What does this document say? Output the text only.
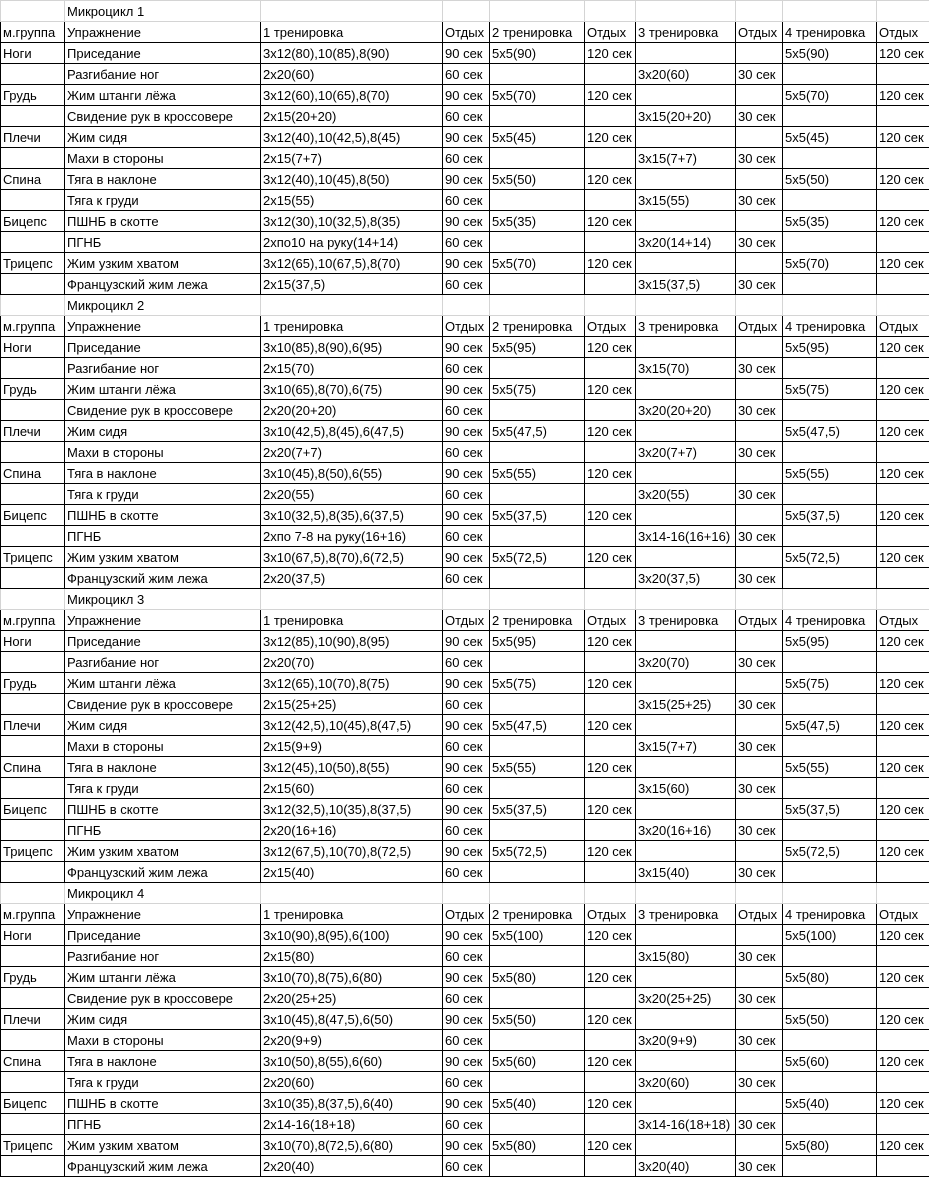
	Микроцикл 1								
м.группа	Упражнение	1 тренировка	Отдых	2 тренировка	Отдых	3 тренировка	Отдых	4 тренировка	Отдых
Ноги	Приседание	3х12(80),10(85),8(90)	90 сек	5х5(90)	120 сек			5х5(90)	120 сек
	Разгибание ног	2х20(60)	60 сек			3х20(60)	30 сек		
Грудь	Жим штанги лёжа	3х12(60),10(65),8(70)	90 сек	5х5(70)	120 сек			5х5(70)	120 сек
	Свидение рук в кроссовере	2х15(20+20)	60 сек			3х15(20+20)	30 сек		
Плечи	Жим сидя	3х12(40),10(42,5),8(45)	90 сек	5х5(45)	120 сек			5х5(45)	120 сек
	Махи в стороны	2х15(7+7)	60 сек			3х15(7+7)	30 сек		
Спина	Тяга в наклоне	3х12(40),10(45),8(50)	90 сек	5х5(50)	120 сек			5х5(50)	120 сек
	Тяга к груди	2х15(55)	60 сек			3х15(55)	30 сек		
Бицепс	ПШНБ в скотте	3х12(30),10(32,5),8(35)	90 сек	5х5(35)	120 сек			5х5(35)	120 сек
	ПГНБ	2хпо10 на руку(14+14)	60 сек			3х20(14+14)	30 сек		
Трицепс	Жим узким хватом	3х12(65),10(67,5),8(70)	90 сек	5х5(70)	120 сек			5х5(70)	120 сек
	Французский жим лежа	2х15(37,5)	60 сек			3х15(37,5)	30 сек		
	Микроцикл 2								
м.группа	Упражнение	1 тренировка	Отдых	2 тренировка	Отдых	3 тренировка	Отдых	4 тренировка	Отдых
Ноги	Приседание	3х10(85),8(90),6(95)	90 сек	5х5(95)	120 сек			5х5(95)	120 сек
	Разгибание ног	2х15(70)	60 сек			3х15(70)	30 сек		
Грудь	Жим штанги лёжа	3х10(65),8(70),6(75)	90 сек	5х5(75)	120 сек			5х5(75)	120 сек
	Свидение рук в кроссовере	2х20(20+20)	60 сек			3х20(20+20)	30 сек		
Плечи	Жим сидя	3х10(42,5),8(45),6(47,5)	90 сек	5х5(47,5)	120 сек			5х5(47,5)	120 сек
	Махи в стороны	2х20(7+7)	60 сек			3х20(7+7)	30 сек		
Спина	Тяга в наклоне	3х10(45),8(50),6(55)	90 сек	5х5(55)	120 сек			5х5(55)	120 сек
	Тяга к груди	2х20(55)	60 сек			3х20(55)	30 сек		
Бицепс	ПШНБ в скотте	3х10(32,5),8(35),6(37,5)	90 сек	5х5(37,5)	120 сек			5х5(37,5)	120 сек
	ПГНБ	2хпо 7-8 на руку(16+16)	60 сек			3х14-16(16+16)	30 сек		
Трицепс	Жим узким хватом	3х10(67,5),8(70),6(72,5)	90 сек	5х5(72,5)	120 сек			5х5(72,5)	120 сек
	Французский жим лежа	2х20(37,5)	60 сек			3х20(37,5)	30 сек		
	Микроцикл 3								
м.группа	Упражнение	1 тренировка	Отдых	2 тренировка	Отдых	3 тренировка	Отдых	4 тренировка	Отдых
Ноги	Приседание	3х12(85),10(90),8(95)	90 сек	5х5(95)	120 сек			5х5(95)	120 сек
	Разгибание ног	2х20(70)	60 сек			3х20(70)	30 сек		
Грудь	Жим штанги лёжа	3х12(65),10(70),8(75)	90 сек	5х5(75)	120 сек			5х5(75)	120 сек
	Свидение рук в кроссовере	2х15(25+25)	60 сек			3х15(25+25)	30 сек		
Плечи	Жим сидя	3х12(42,5),10(45),8(47,5)	90 сек	5х5(47,5)	120 сек			5х5(47,5)	120 сек
	Махи в стороны	2х15(9+9)	60 сек			3х15(7+7)	30 сек		
Спина	Тяга в наклоне	3х12(45),10(50),8(55)	90 сек	5х5(55)	120 сек			5х5(55)	120 сек
	Тяга к груди	2х15(60)	60 сек			3х15(60)	30 сек		
Бицепс	ПШНБ в скотте	3х12(32,5),10(35),8(37,5)	90 сек	5х5(37,5)	120 сек			5х5(37,5)	120 сек
	ПГНБ	2х20(16+16)	60 сек			3х20(16+16)	30 сек		
Трицепс	Жим узким хватом	3х12(67,5),10(70),8(72,5)	90 сек	5х5(72,5)	120 сек			5х5(72,5)	120 сек
	Французский жим лежа	2х15(40)	60 сек			3х15(40)	30 сек		
	Микроцикл 4								
м.группа	Упражнение	1 тренировка	Отдых	2 тренировка	Отдых	3 тренировка	Отдых	4 тренировка	Отдых
Ноги	Приседание	3х10(90),8(95),6(100)	90 сек	5х5(100)	120 сек			5х5(100)	120 сек
	Разгибание ног	2х15(80)	60 сек			3х15(80)	30 сек		
Грудь	Жим штанги лёжа	3х10(70),8(75),6(80)	90 сек	5х5(80)	120 сек			5х5(80)	120 сек
	Свидение рук в кроссовере	2х20(25+25)	60 сек			3х20(25+25)	30 сек		
Плечи	Жим сидя	3х10(45),8(47,5),6(50)	90 сек	5х5(50)	120 сек			5х5(50)	120 сек
	Махи в стороны	2х20(9+9)	60 сек			3х20(9+9)	30 сек		
Спина	Тяга в наклоне	3х10(50),8(55),6(60)	90 сек	5х5(60)	120 сек			5х5(60)	120 сек
	Тяга к груди	2х20(60)	60 сек			3х20(60)	30 сек		
Бицепс	ПШНБ в скотте	3х10(35),8(37,5),6(40)	90 сек	5х5(40)	120 сек			5х5(40)	120 сек
	ПГНБ	2х14-16(18+18)	60 сек			3х14-16(18+18)	30 сек		
Трицепс	Жим узким хватом	3х10(70),8(72,5),6(80)	90 сек	5х5(80)	120 сек			5х5(80)	120 сек
	Французский жим лежа	2х20(40)	60 сек			3х20(40)	30 сек		
